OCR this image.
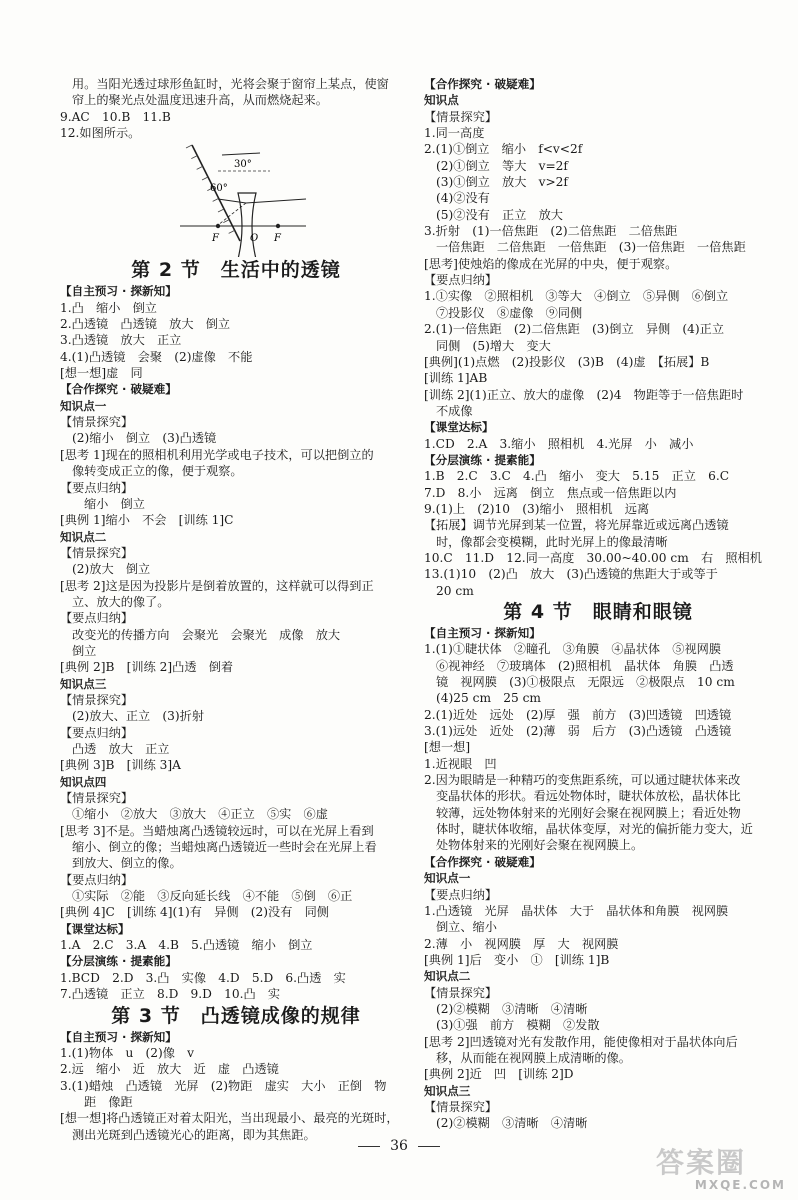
用。当阳光透过球形鱼缸时，光将会聚于窗帘上某点，使窗
帘上的聚光点处温度迅速升高，从而燃烧起来。
9.AC　10.B　11.B
12.如图所示。
30°
60°
F	O F
第 2 节　生活中的透镜
【自主预习 · 探新知】
1.凸　缩小　倒立
2.凸透镜　凸透镜　放大　倒立
3.凸透镜　放大　正立
4.(1)凸透镜　会聚　(2)虚像　不能
[想一想]虚　同
【合作探究 · 破疑难】
知识点一
【情景探究】
(2)缩小　倒立　(3)凸透镜
[思考 1]现在的照相机利用光学或电子技术，可以把倒立的
像转变成正立的像，便于观察。
【要点归纳】
缩小　倒立
[典例 1]缩小　不会　[训练 1]C
知识点二
【情景探究】
(2)放大　倒立
[思考 2]这是因为投影片是倒着放置的，这样就可以得到正
立、放大的像了。
【要点归纳】
改变光的传播方向　会聚光　会聚光　成像　放大
倒立
[典例 2]B　[训练 2]凸透　倒着
知识点三
【情景探究】
(2)放大、正立　(3)折射
【要点归纳】
凸透　放大　正立
[典例 3]B　[训练 3]A
知识点四
【情景探究】
①缩小　②放大　③放大　④正立　⑤实　⑥虚
[思考 3]不是。当蜡烛离凸透镜较远时，可以在光屏上看到
缩小、倒立的像；当蜡烛离凸透镜近一些时会在光屏上看
到放大、倒立的像。
【要点归纳】
①实际　②能　③反向延长线　④不能　⑤倒　⑥正
[典例 4]C　[训练 4](1)有　异侧　(2)没有　同侧
【课堂达标】
1.A　2.C　3.A　4.B　5.凸透镜　缩小　倒立
【分层演练 · 提素能】
1.BCD　2.D　3.凸　实像　4.D　5.D　6.凸透　实
7.凸透镜　正立　8.D　9.D　10.凸　实
第 3 节　凸透镜成像的规律
【自主预习 · 探新知】
1.(1)物体　u　(2)像　v
2.远　缩小　近　放大　近　虚　凸透镜
3.(1)蜡烛　凸透镜　光屏　(2)物距　虚实　大小　正倒　物
距　像距
[想一想]将凸透镜正对着太阳光，当出现最小、最亮的光斑时，
测出光斑到凸透镜光心的距离，即为其焦距。
【合作探究 · 破疑难】
知识点
【情景探究】
1.同一高度
2.(1)①倒立　缩小　f<v<2f
(2)①倒立　等大　v=2f
(3)①倒立　放大　v>2f
(4)②没有
(5)②没有　正立　放大
3.折射　(1)一倍焦距　(2)二倍焦距　二倍焦距
一倍焦距　二倍焦距　一倍焦距　(3)一倍焦距　一倍焦距
[思考]使烛焰的像成在光屏的中央，便于观察。
【要点归纳】
1.①实像　②照相机　③等大　④倒立　⑤异侧　⑥倒立
⑦投影仪　⑧虚像　⑨同侧
2.(1)一倍焦距　(2)二倍焦距　(3)倒立　异侧　(4)正立
同侧　(5)增大　变大
[典例](1)点燃　(2)投影仪　(3)B　(4)虚　【拓展】B
[训练 1]AB
[训练 2](1)正立、放大的虚像　(2)4　物距等于一倍焦距时
不成像
【课堂达标】
1.CD　2.A　3.缩小　照相机　4.光屏　小　减小
【分层演练 · 提素能】
1.B　2.C　3.C　4.凸　缩小　变大　5.15　正立　6.C
7.D　8.小　远离　倒立　焦点或一倍焦距以内
9.(1)上　(2)10　(3)缩小　照相机　远离
【拓展】调节光屏到某一位置，将光屏靠近或远离凸透镜
时，像都会变模糊，此时光屏上的像最清晰
10.C　11.D　12.同一高度　30.00~40.00 cm　右　照相机
13.(1)10　(2)凸　放大　(3)凸透镜的焦距大于或等于
20 cm
第 4 节　眼睛和眼镜
【自主预习 · 探新知】
1.(1)①睫状体　②瞳孔　③角膜　④晶状体　⑤视网膜
⑥视神经　⑦玻璃体　(2)照相机　晶状体　角膜　凸透
镜　视网膜　(3)①极限点　无限远　②极限点　10 cm
(4)25 cm　25 cm
2.(1)近处　远处　(2)厚　强　前方　(3)凹透镜　凹透镜
3.(1)远处　近处　(2)薄　弱　后方　(3)凸透镜　凸透镜
[想一想]
1.近视眼　凹
2.因为眼睛是一种精巧的变焦距系统，可以通过睫状体来改
变晶状体的形状。看远处物体时，睫状体放松，晶状体比
较薄，远处物体射来的光刚好会聚在视网膜上；看近处物
体时，睫状体收缩，晶状体变厚，对光的偏折能力变大，近
处物体射来的光刚好会聚在视网膜上。
【合作探究 · 破疑难】
知识点一
【要点归纳】
1.凸透镜　光屏　晶状体　大于　晶状体和角膜　视网膜
倒立、缩小
2.薄　小　视网膜　厚　大　视网膜
[典例 1]后　变小　①　[训练 1]B
知识点二
【情景探究】
(2)②模糊　③清晰　④清晰
(3)①强　前方　模糊　②发散
[思考 2]凹透镜对光有发散作用，能使像相对于晶状体向后
移，从而能在视网膜上成清晰的像。
[典例 2]近　凹　[训练 2]D
知识点三
【情景探究】
(2)②模糊　③清晰　④清晰
36	答案圈
MXQE.COM
